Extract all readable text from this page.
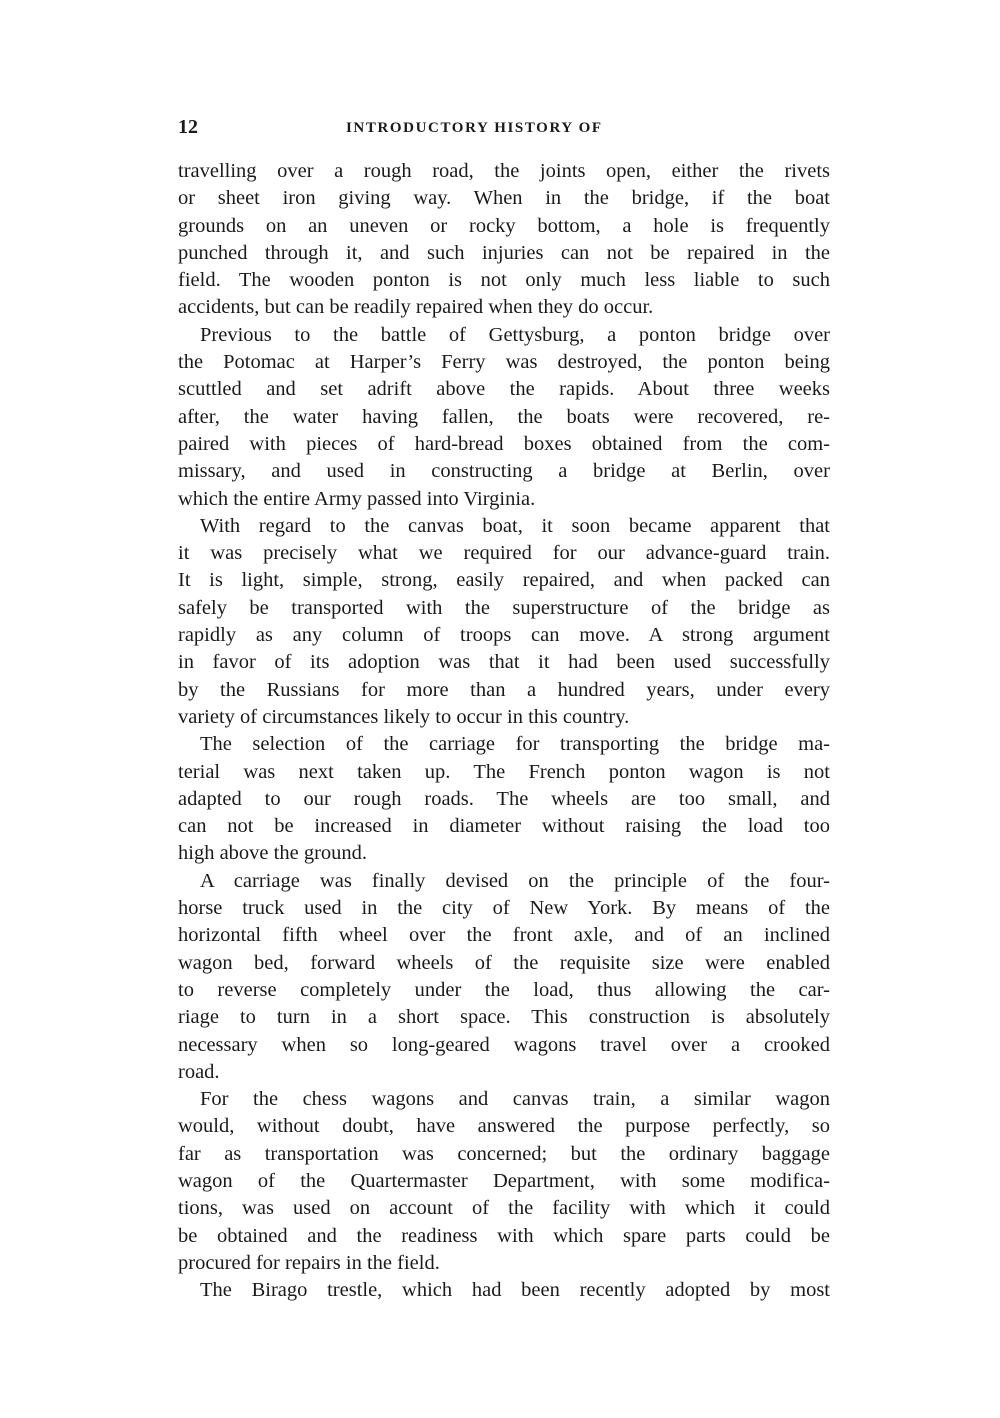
12	INTRODUCTORY HISTORY OF
travelling over a rough road, the joints open, either the rivets
or sheet iron giving way. When in the bridge, if the boat
grounds on an uneven or rocky bottom, a hole is frequently
punched through it, and such injuries can not be repaired in the
field. The wooden ponton is not only much less liable to such
accidents, but can be readily repaired when they do occur.
Previous to the battle of Gettysburg, a ponton bridge over
the Potomac at Harper’s Ferry was destroyed, the ponton being
scuttled and set adrift above the rapids. About three weeks
after, the water having fallen, the boats were recovered, re-
paired with pieces of hard-bread boxes obtained from the com-
missary, and used in constructing a bridge at Berlin, over
which the entire Army passed into Virginia.
With regard to the canvas boat, it soon became apparent that
it was precisely what we required for our advance-guard train.
It is light, simple, strong, easily repaired, and when packed can
safely be transported with the superstructure of the bridge as
rapidly as any column of troops can move. A strong argument
in favor of its adoption was that it had been used successfully
by the Russians for more than a hundred years, under every
variety of circumstances likely to occur in this country.
The selection of the carriage for transporting the bridge ma-
terial was next taken up. The French ponton wagon is not
adapted to our rough roads. The wheels are too small, and
can not be increased in diameter without raising the load too
high above the ground.
A carriage was finally devised on the principle of the four-
horse truck used in the city of New York. By means of the
horizontal fifth wheel over the front axle, and of an inclined
wagon bed, forward wheels of the requisite size were enabled
to reverse completely under the load, thus allowing the car-
riage to turn in a short space. This construction is absolutely
necessary when so long-geared wagons travel over a crooked
road.
For the chess wagons and canvas train, a similar wagon
would, without doubt, have answered the purpose perfectly, so
far as transportation was concerned; but the ordinary baggage
wagon of the Quartermaster Department, with some modifica-
tions, was used on account of the facility with which it could
be obtained and the readiness with which spare parts could be
procured for repairs in the field.
The Birago trestle, which had been recently adopted by most
